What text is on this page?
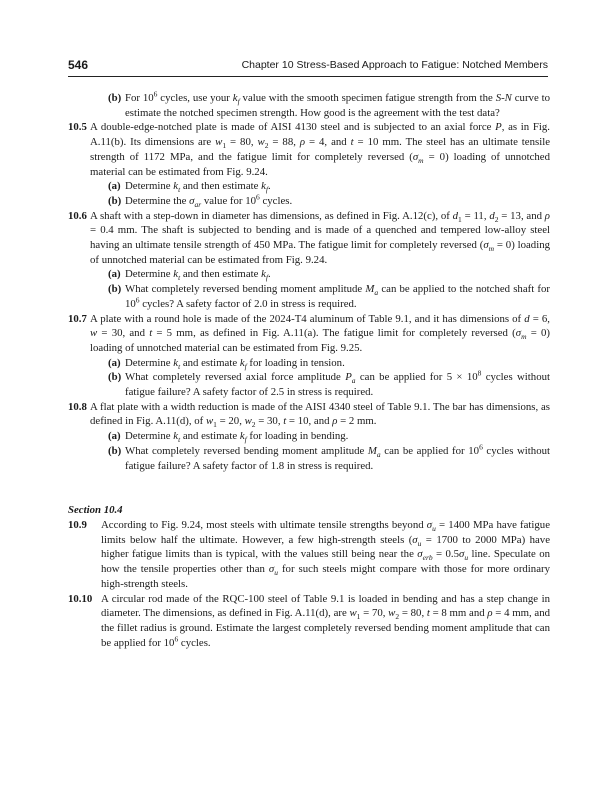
546	Chapter 10 Stress-Based Approach to Fatigue: Notched Members

(b) For $10^6$ cycles, use your $k_f$ value with the smooth specimen fatigue strength from the S-N curve to estimate the notched specimen strength. How good is the agreement with the test data?

10.5 A double-edge-notched plate is made of AISI 4130 steel and is subjected to an axial force P, as in Fig. A.11(b). Its dimensions are $w_1 = 80$, $w_2 = 88$, ρ = 4, and t = 10 mm. The steel has an ultimate tensile strength of 1172 MPa, and the fatigue limit for completely reversed $(\sigma_m = 0)$ loading of unnotched material can be estimated from Fig. 9.24.

(a) Determine $k_t$ and then estimate $k_f$.

(b) Determine the $\sigma_{ar}$ value for $10^6$ cycles.

10.6 A shaft with a step-down in diameter has dimensions, as defined in Fig. A.12(c), of $d_1 = 11$, $d_2 = 13$, and ρ = 0.4 mm. The shaft is subjected to bending and is made of a quenched and tempered low-alloy steel having an ultimate tensile strength of 450 MPa. The fatigue limit for completely reversed $(\sigma_m = 0)$ loading of unnotched material can be estimated from Fig. 9.24.

(a) Determine $k_t$ and then estimate $k_f$.

(b) What completely reversed bending moment amplitude $M_a$ can be applied to the notched shaft for $10^6$ cycles? A safety factor of 2.0 in stress is required.

10.7 A plate with a round hole is made of the 2024-T4 aluminum of Table 9.1, and it has dimensions of d = 6, w = 30, and t = 5 mm, as defined in Fig. A.11(a). The fatigue limit for completely reversed $(\sigma_m = 0)$ loading of unnotched material can be estimated from Fig. 9.25.

(a) Determine $k_t$ and estimate $k_f$ for loading in tension.

(b) What completely reversed axial force amplitude $P_a$ can be applied for $5 \times 10^8$ cycles without fatigue failure? A safety factor of 2.5 in stress is required.

10.8 A flat plate with a width reduction is made of the AISI 4340 steel of Table 9.1. The bar has dimensions, as defined in Fig. A.11(d), of $w_1 = 20$, $w_2 = 30$, t = 10, and ρ = 2 mm.

(a) Determine $k_t$ and estimate $k_f$ for loading in bending.

(b) What completely reversed bending moment amplitude $M_a$ can be applied for $10^6$ cycles without fatigue failure? A safety factor of 1.8 in stress is required.

Section 10.4

10.9 According to Fig. 9.24, most steels with ultimate tensile strengths beyond $\sigma_u = 1400$ MPa have fatigue limits below half the ultimate. However, a few high-strength steels ($\sigma_u = 1700$ to 2000 MPa) have higher fatigue limits than is typical, with the values still being near the $\sigma_{erb} = 0.5\sigma_u$ line. Speculate on how the tensile properties other than $\sigma_u$ for such steels might compare with those for more ordinary high-strength steels.

10.10 A circular rod made of the RQC-100 steel of Table 9.1 is loaded in bending and has a step change in diameter. The dimensions, as defined in Fig. A.11(d), are $w_1 = 70$, $w_2 = 80$, t = 8 mm and ρ = 4 mm, and the fillet radius is ground. Estimate the largest completely reversed bending moment amplitude that can be applied for $10^6$ cycles.
